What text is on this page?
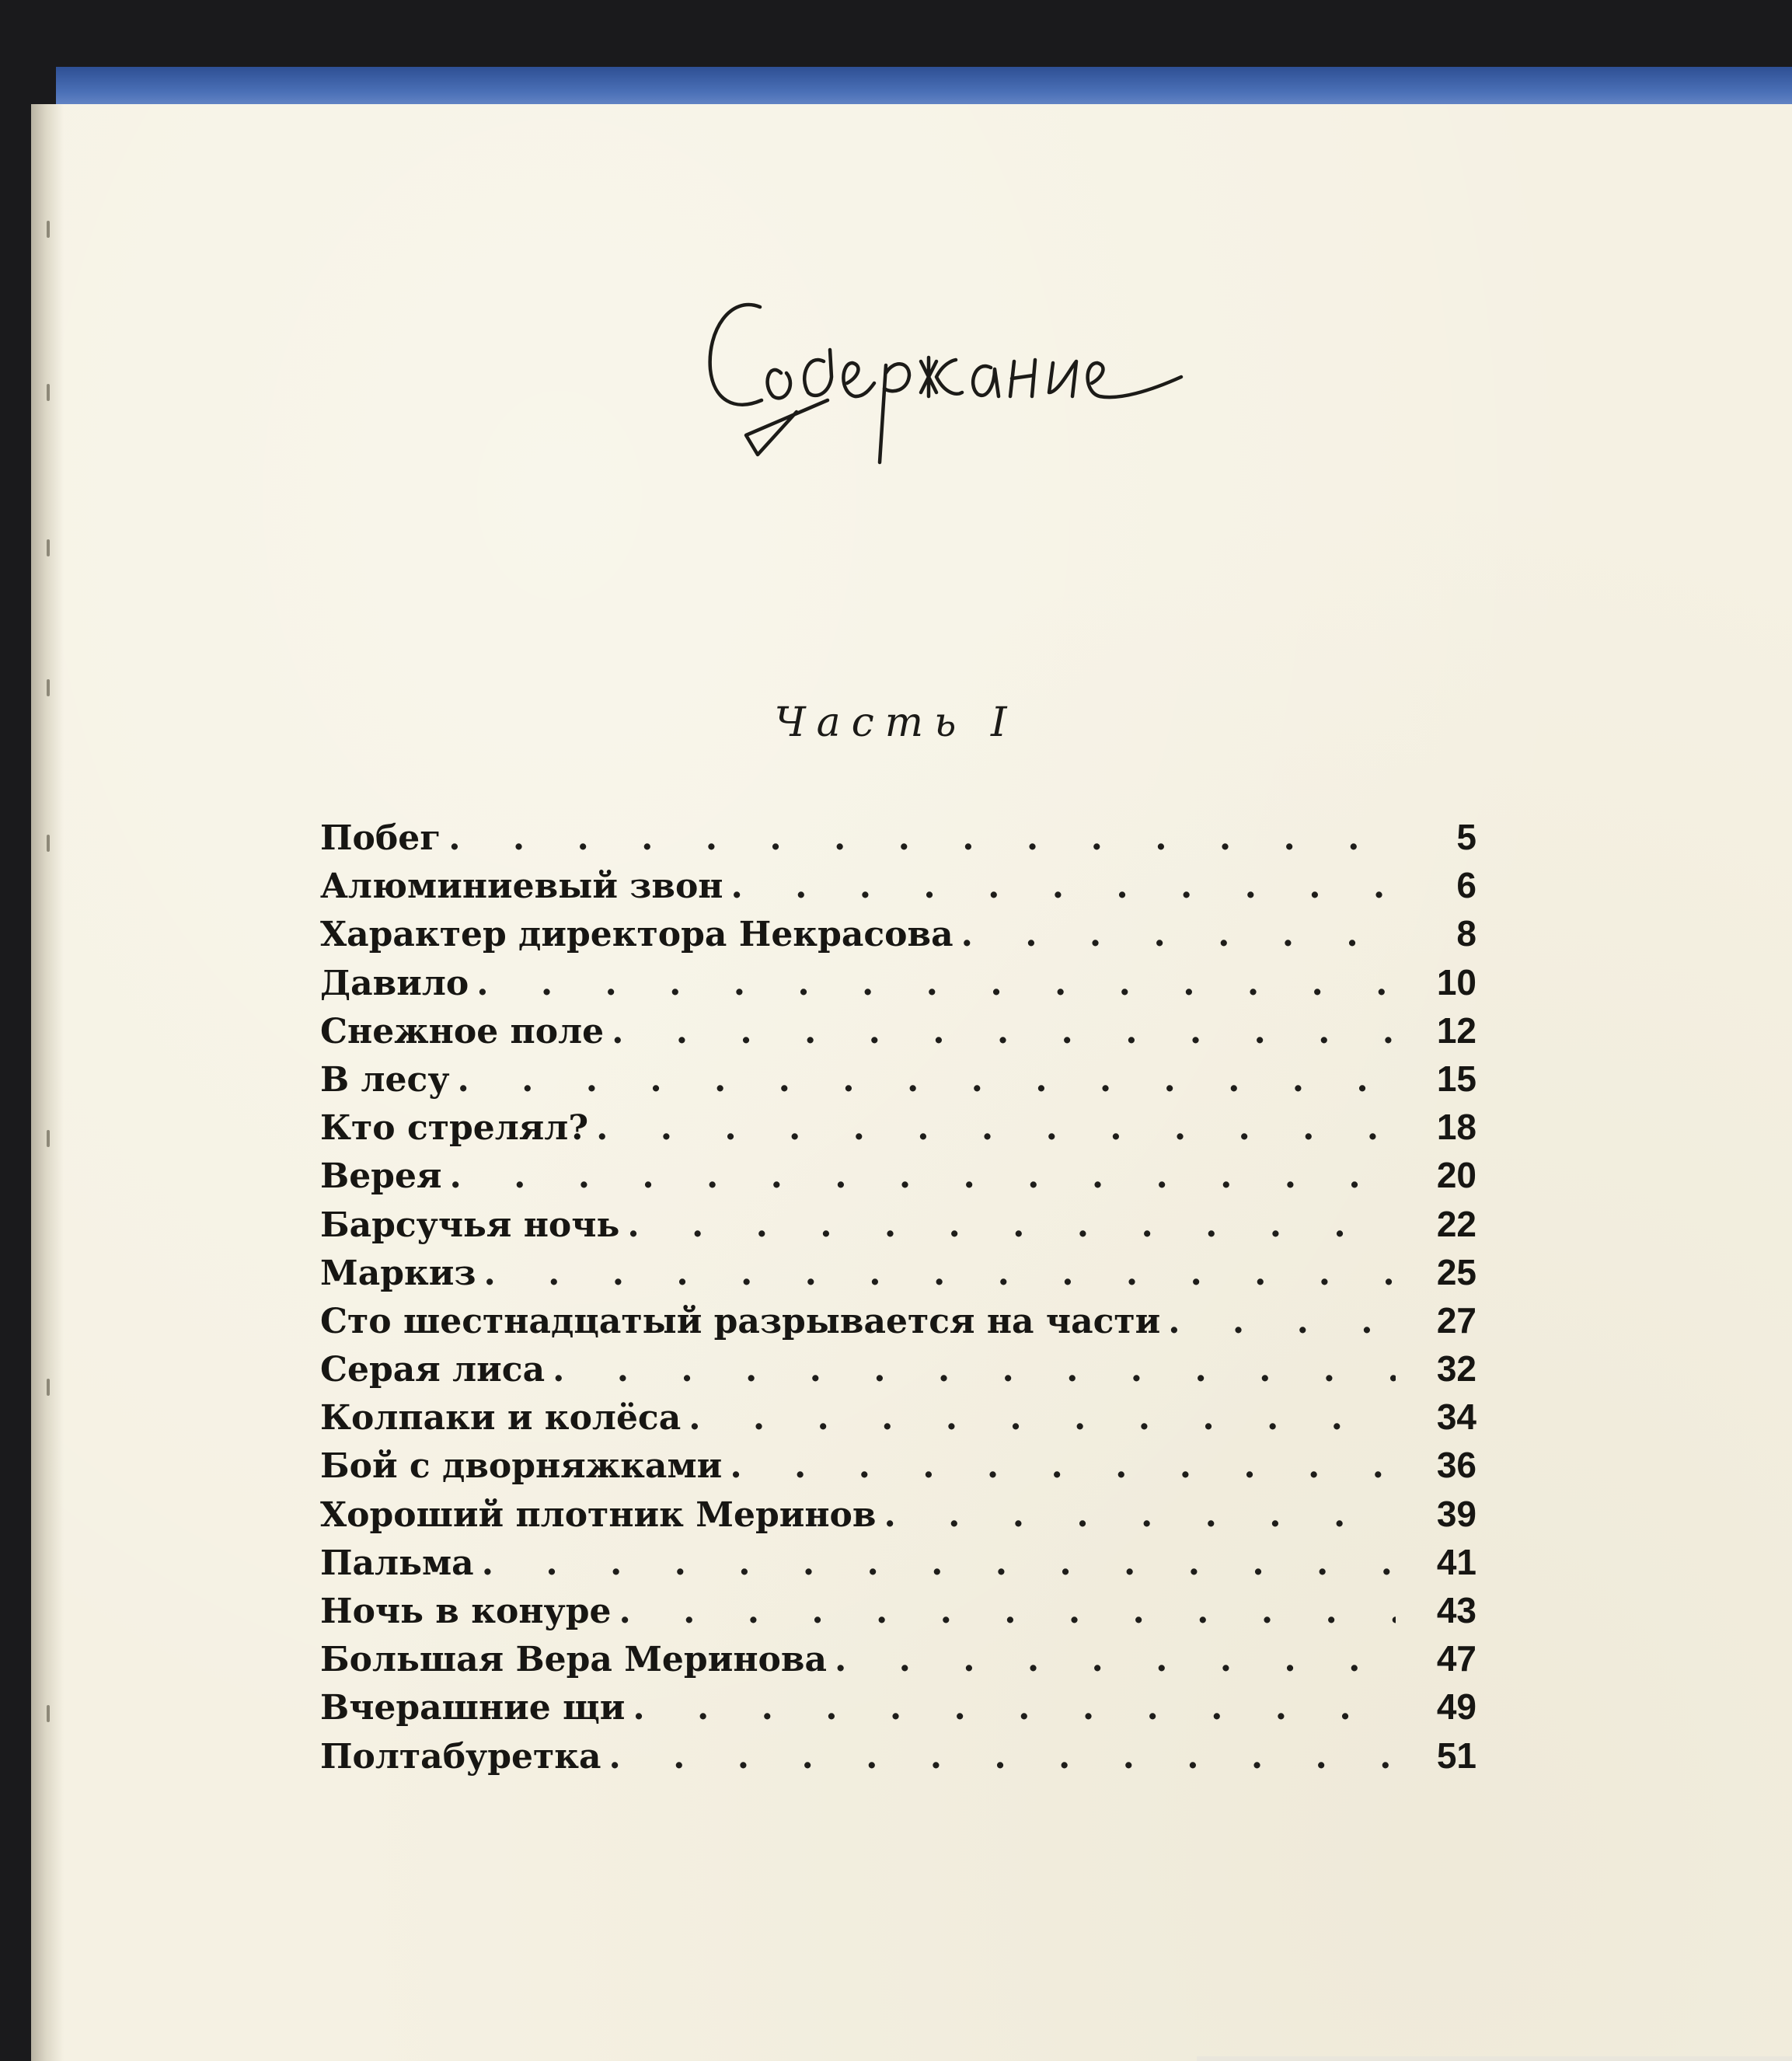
Часть I
Побег . . .	5
Алюминиевый звон . . .	6
Характер директора Некрасова . . .	8
Давило . . .	10
Снежное поле . . .	12
В лесу . . .	15
Кто стрелял? . . .	18
Верея . . .	20
Барсучья ночь . . .	22
Маркиз . . .	25
Сто шестнадцатый разрывается на части . . .	27
Серая лиса . . .	32
Колпаки и колёса . . .	34
Бой с дворняжками . . .	36
Хороший плотник Меринов . . .	39
Пальма . . .	41
Ночь в конуре . . .	43
Большая Вера Меринова . . .	47
Вчерашние щи . . .	49
Полтабуретка . . .	51
